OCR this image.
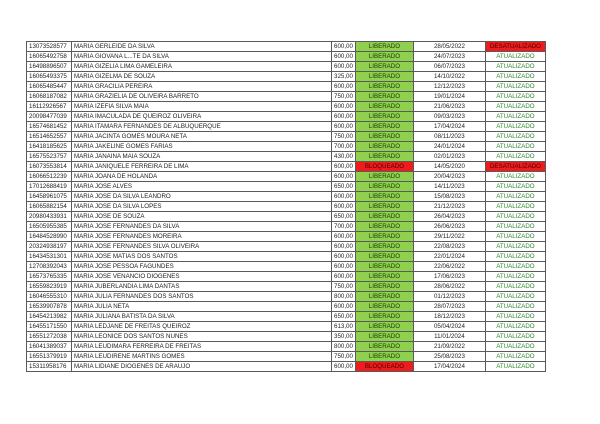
13073528577	MARIA GERLEIDE DA SILVA	600,00	LIBERADO	28/05/2022	DESATUALIZADO
16065492758	MARIA GIOVANA L...TE DA SILVA	600,00	LIBERADO	24/07/2023	ATUALIZADO
16498896507	MARIA GIZELIA LIMA GAMELEIRA	600,00	LIBERADO	06/07/2023	ATUALIZADO
16065493375	MARIA GIZELMA DE SOUZA	325,00	LIBERADO	14/10/2022	ATUALIZADO
16065485447	MARIA GRACILIA PEREIRA	600,00	LIBERADO	12/12/2023	ATUALIZADO
16068187082	MARIA GRAZIELIA DE OLIVEIRA BARRETO	750,00	LIBERADO	19/01/2024	ATUALIZADO
16112926567	MARIA IZEFIA SILVA MAIA	600,00	LIBERADO	21/06/2023	ATUALIZADO
20098477039	MARIA IMACULADA DE QUEIROZ OLIVEIRA	600,00	LIBERADO	09/03/2023	ATUALIZADO
16574681452	MARIA ITAMARA FERNANDES DE ALBUQUERQUE	600,00	LIBERADO	17/04/2024	ATUALIZADO
16514652557	MARIA JACINTA GOMES MOURA NETA	750,00	LIBERADO	08/11/2023	ATUALIZADO
16418185625	MARIA JAKELINE GOMES FARIAS	700,00	LIBERADO	24/01/2024	ATUALIZADO
16575523757	MARIA JANAINA MAIA SOUZA	430,00	LIBERADO	02/01/2023	ATUALIZADO
16073553814	MARIA JANIQUELE FERREIRA DE LIMA	600,00	BLOQUEADO	14/05/2020	DESATUALIZADO
16066512239	MARIA JOANA DE HOLANDA	600,00	LIBERADO	20/04/2023	ATUALIZADO
17012688419	MARIA JOSE ALVES	650,00	LIBERADO	14/11/2023	ATUALIZADO
16458961075	MARIA JOSE DA SILVA LEANDRO	600,00	LIBERADO	15/08/2023	ATUALIZADO
16065882154	MARIA JOSE DA SILVA LOPES	600,00	LIBERADO	21/12/2023	ATUALIZADO
20980433931	MARIA JOSE DE SOUZA	650,00	LIBERADO	26/04/2023	ATUALIZADO
16505955385	MARIA JOSE FERNANDES DA SILVA	700,00	LIBERADO	26/06/2023	ATUALIZADO
16484528990	MARIA JOSE FERNANDES MOREIRA	600,00	LIBERADO	29/11/2022	ATUALIZADO
20324938197	MARIA JOSE FERNANDES SILVA OLIVEIRA	600,00	LIBERADO	22/08/2023	ATUALIZADO
16434531301	MARIA JOSE MATIAS DOS SANTOS	600,00	LIBERADO	22/01/2024	ATUALIZADO
12708392043	MARIA JOSE PESSOA FAGUNDES	600,00	LIBERADO	22/06/2022	ATUALIZADO
16573765335	MARIA JOSE VENANCIO DIOGENES	600,00	LIBERADO	17/06/2023	ATUALIZADO
16559823919	MARIA JUBERLANDIA LIMA DANTAS	750,00	LIBERADO	28/06/2022	ATUALIZADO
16046555310	MARIA JULIA FERNANDES DOS SANTOS	800,00	LIBERADO	01/12/2023	ATUALIZADO
16539907878	MARIA JULIA NETA	600,00	LIBERADO	28/07/2023	ATUALIZADO
16454213982	MARIA JULIANA BATISTA DA SILVA	650,00	LIBERADO	18/12/2023	ATUALIZADO
16455171550	MARIA LEDJANE DE FREITAS QUEIROZ	613,00	LIBERADO	05/04/2024	ATUALIZADO
16551272038	MARIA LEONICE DOS SANTOS NUNES	350,00	LIBERADO	11/01/2024	ATUALIZADO
16041389037	MARIA LEUDIMARA FERREIRA DE FREITAS	800,00	LIBERADO	21/09/2022	ATUALIZADO
16551379919	MARIA LEUDIRENE MARTINS GOMES	750,00	LIBERADO	25/08/2023	ATUALIZADO
15311958176	MARIA LIDIANE DIOGENES DE ARAUJO	600,00	BLOQUEADO	17/04/2024	ATUALIZADO
